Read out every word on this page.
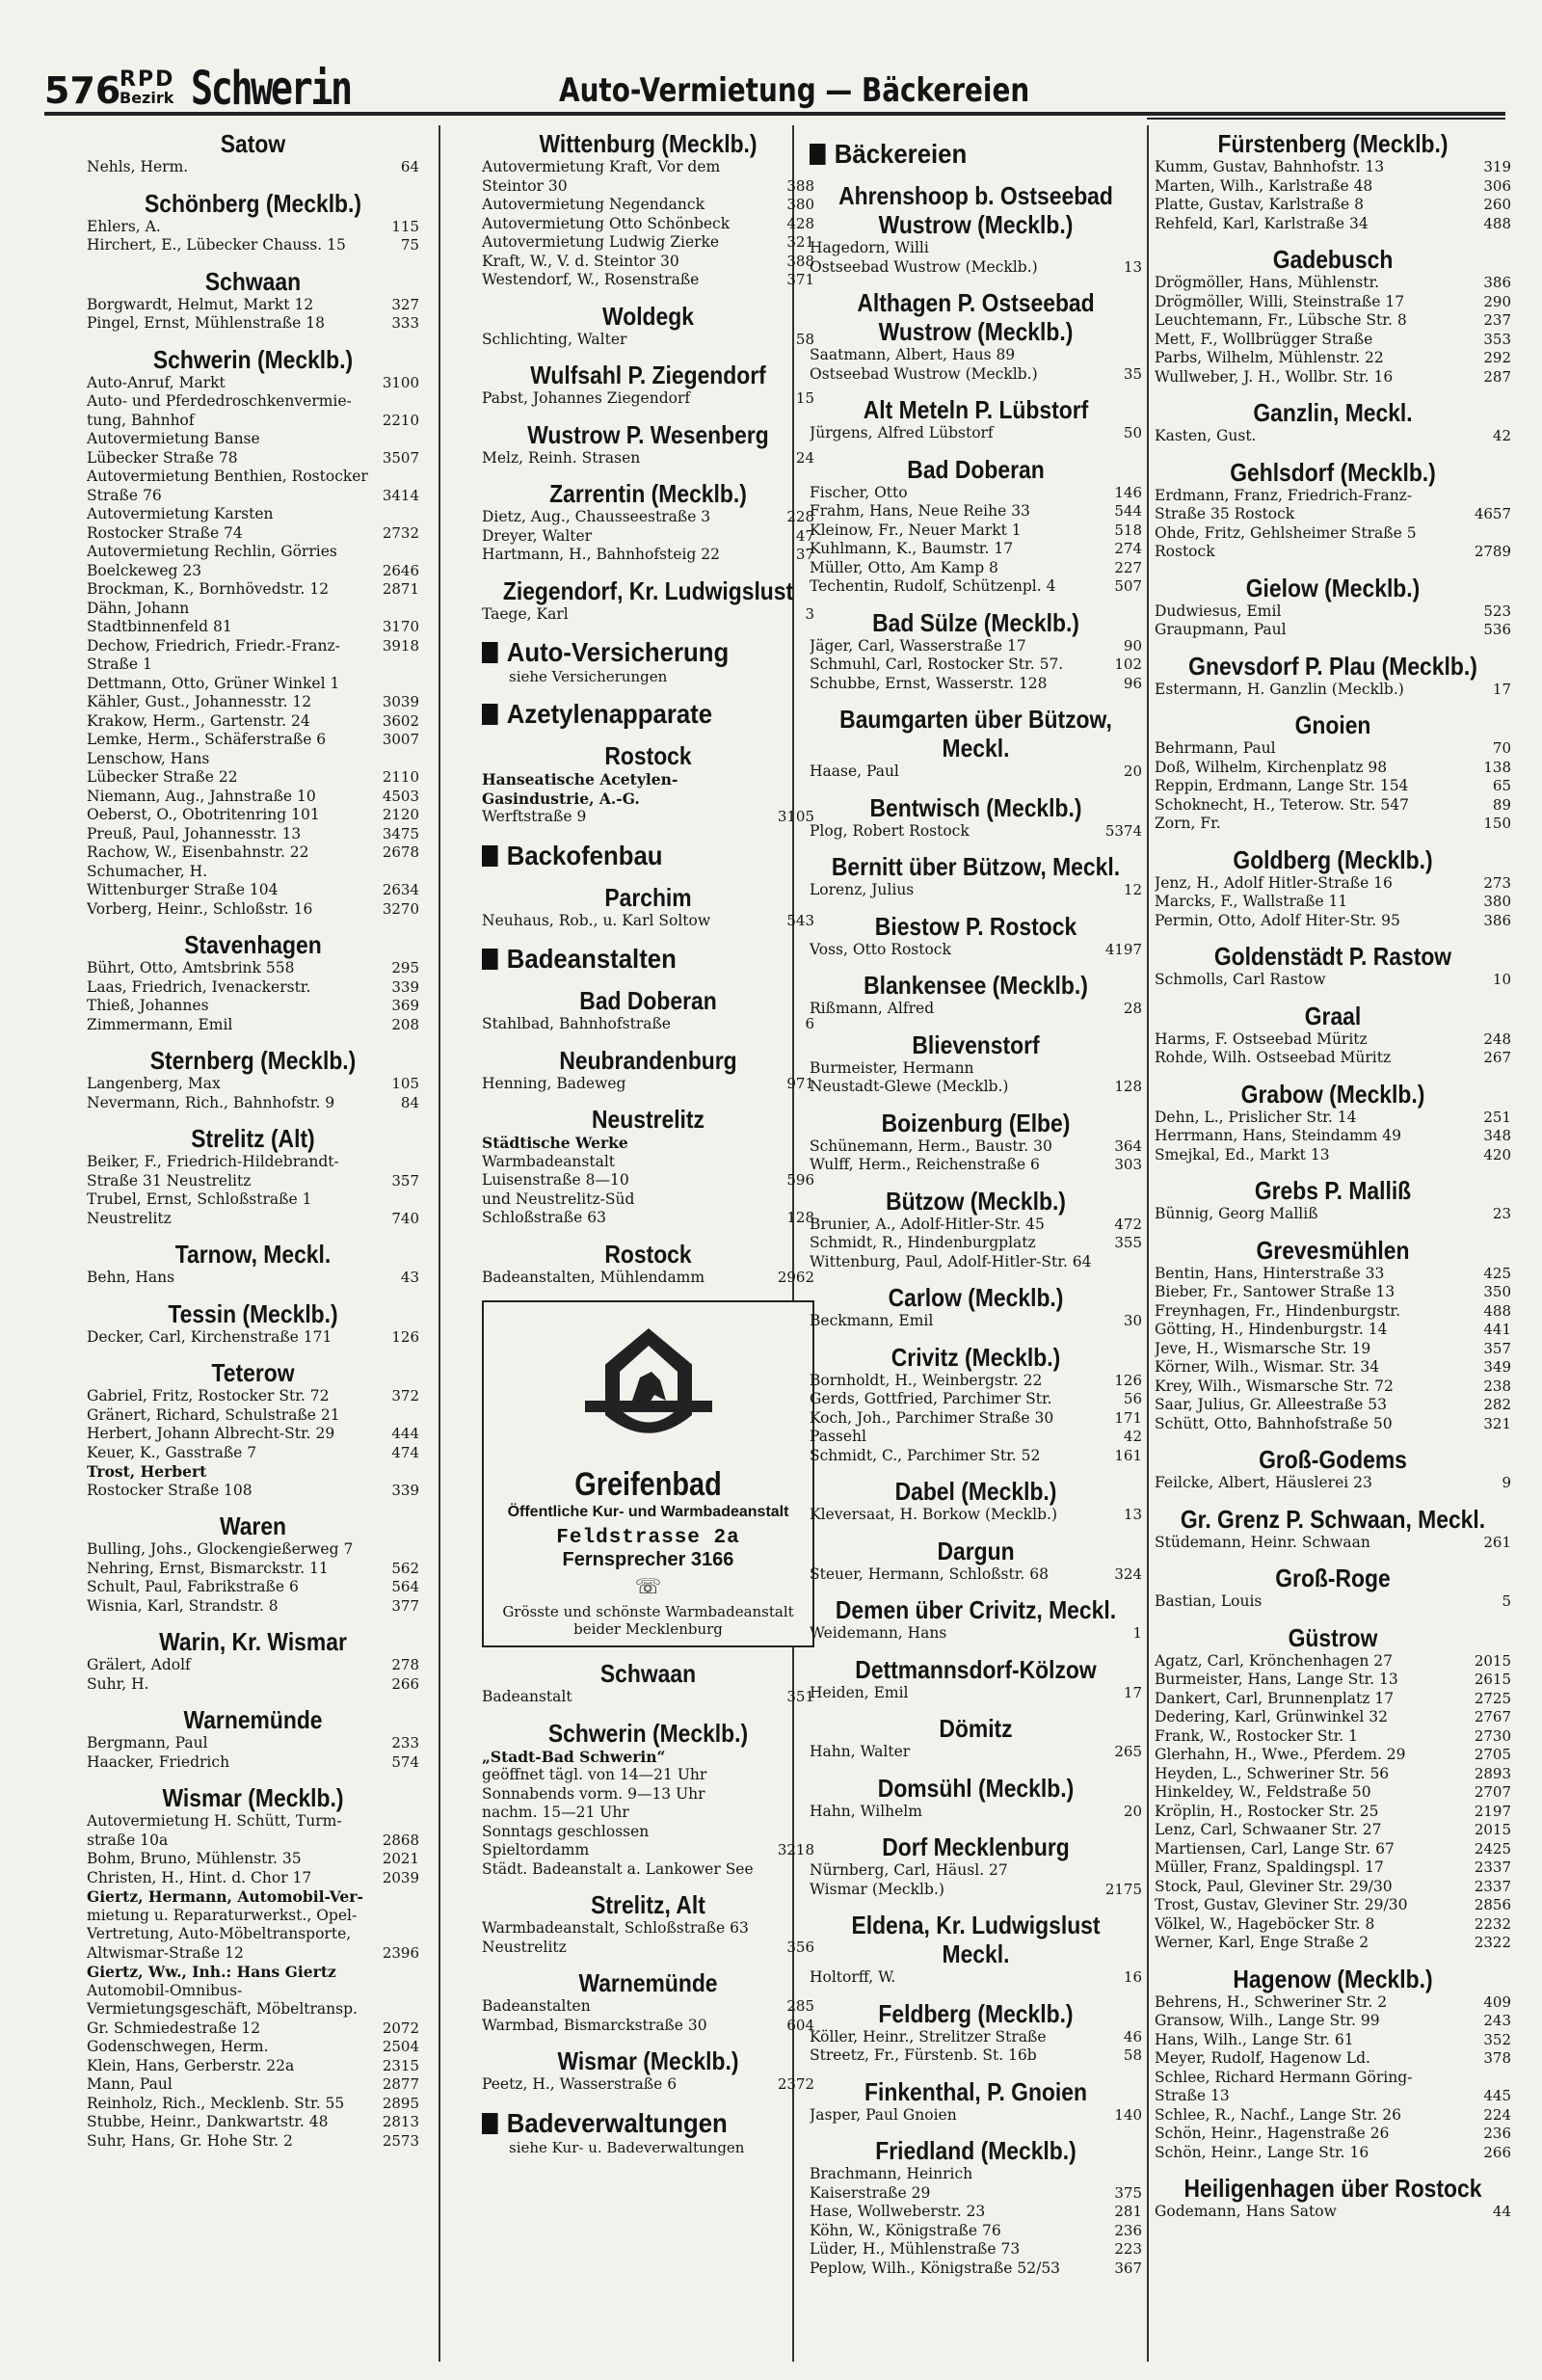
576
RPD
Bezirk Schwerin	Auto-Vermietung — Bäckereien
Satow
Nehls, Herm.	64
Schönberg (Mecklb.)
Ehlers, A.	115
Hirchert, E., Lübecker Chauss. 15	75
Schwaan
Borgwardt, Helmut, Markt 12	327
Pingel, Ernst, Mühlenstraße 18	333
Schwerin (Mecklb.)
Auto-Anruf, Markt	3100
Auto- und Pferdedroschkenvermie-
tung, Bahnhof	2210
Autovermietung Banse
Lübecker Straße 78	3507
Autovermietung Benthien, Rostocker
Straße 76	3414
Autovermietung Karsten
Rostocker Straße 74	2732
Autovermietung Rechlin, Görries
Boelckeweg 23	2646
Brockman, K., Bornhövedstr. 12	2871
Dähn, Johann
Stadtbinnenfeld 81	3170
Dechow, Friedrich, Friedr.-Franz-	3918
Straße 1
Dettmann, Otto, Grüner Winkel 1
Kähler, Gust., Johannesstr. 12	3039
Krakow, Herm., Gartenstr. 24	3602
Lemke, Herm., Schäferstraße 6	3007
Lenschow, Hans
Lübecker Straße 22	2110
Niemann, Aug., Jahnstraße 10	4503
Oeberst, O., Obotritenring 101	2120
Preuß, Paul, Johannesstr. 13	3475
Rachow, W., Eisenbahnstr. 22	2678
Schumacher, H.
Wittenburger Straße 104	2634
Vorberg, Heinr., Schloßstr. 16	3270
Stavenhagen
Bührt, Otto, Amtsbrink 558	295
Laas, Friedrich, Ivenackerstr.	339
Thieß, Johannes	369
Zimmermann, Emil	208
Sternberg (Mecklb.)
Langenberg, Max	105
Nevermann, Rich., Bahnhofstr. 9	84
Strelitz (Alt)
Beiker, F., Friedrich-Hildebrandt-
Straße 31 Neustrelitz	357
Trubel, Ernst, Schloßstraße 1
Neustrelitz	740
Tarnow, Meckl.
Behn, Hans	43
Tessin (Mecklb.)
Decker, Carl, Kirchenstraße 171	126
Teterow
Gabriel, Fritz, Rostocker Str. 72	372
Gränert, Richard, Schulstraße 21
Herbert, Johann Albrecht-Str. 29	444
Keuer, K., Gasstraße 7	474
Trost, Herbert
Rostocker Straße 108	339
Waren
Bulling, Johs., Glockengießerweg 7
Nehring, Ernst, Bismarckstr. 11	562
Schult, Paul, Fabrikstraße 6	564
Wisnia, Karl, Strandstr. 8	377
Warin, Kr. Wismar
Grälert, Adolf	278
Suhr, H.	266
Warnemünde
Bergmann, Paul	233
Haacker, Friedrich	574
Wismar (Mecklb.)
Autovermietung H. Schütt, Turm-
straße 10a	2868
Bohm, Bruno, Mühlenstr. 35	2021
Christen, H., Hint. d. Chor 17	2039
Giertz, Hermann, Automobil-Ver-
mietung u. Reparaturwerkst., Opel-
Vertretung, Auto-Möbeltransporte,
Altwismar-Straße 12	2396
Giertz, Ww., Inh.: Hans Giertz
Automobil-Omnibus-
Vermietungsgeschäft, Möbeltransp.
Gr. Schmiedestraße 12	2072
Godenschwegen, Herm.	2504
Klein, Hans, Gerberstr. 22a	2315
Mann, Paul	2877
Reinholz, Rich., Mecklenb. Str. 55	2895
Stubbe, Heinr., Dankwartstr. 48	2813
Suhr, Hans, Gr. Hohe Str. 2	2573
Wittenburg (Mecklb.)
Autovermietung Kraft, Vor dem
Steintor 30	388
Autovermietung Negendanck	380
Autovermietung Otto Schönbeck	428
Autovermietung Ludwig Zierke	321
Kraft, W., V. d. Steintor 30	388
Westendorf, W., Rosenstraße	371
Woldegk
Schlichting, Walter	58
Wulfsahl P. Ziegendorf
Pabst, Johannes Ziegendorf	15
Wustrow P. Wesenberg
Melz, Reinh. Strasen	24
Zarrentin (Mecklb.)
Dietz, Aug., Chausseestraße 3	228
Dreyer, Walter	47
Hartmann, H., Bahnhofsteig 22	37
Ziegendorf, Kr. Ludwigslust
Taege, Karl	3
Auto-Versicherung
siehe Versicherungen
Azetylenapparate
Rostock
Hanseatische Acetylen-
Gasindustrie, A.-G.
Werftstraße 9	3105
Backofenbau
Parchim
Neuhaus, Rob., u. Karl Soltow	543
Badeanstalten
Bad Doberan
Stahlbad, Bahnhofstraße	6
Neubrandenburg
Henning, Badeweg	971
Neustrelitz
Städtische Werke
Warmbadeanstalt
Luisenstraße 8—10	596
und Neustrelitz-Süd
Schloßstraße 63	128
Rostock
Badeanstalten, Mühlendamm	2962
Greifenbad
Öffentliche Kur- und Warmbadeanstalt
Feldstrasse 2a
Fernsprecher 3166
☏
Grösste und schönste Warmbadeanstalt beider Mecklenburg
Schwaan
Badeanstalt	351
Schwerin (Mecklb.)
„Stadt-Bad Schwerin“
geöffnet tägl. von 14—21 Uhr
Sonnabends vorm. 9—13 Uhr
nachm. 15—21 Uhr
Sonntags geschlossen
Spieltordamm	3218
Städt. Badeanstalt a. Lankower See
Strelitz, Alt
Warmbadeanstalt, Schloßstraße 63
Neustrelitz	356
Warnemünde
Badeanstalten	285
Warmbad, Bismarckstraße 30	604
Wismar (Mecklb.)
Peetz, H., Wasserstraße 6	2372
Badeverwaltungen
siehe Kur- u. Badeverwaltungen
Bäckereien
Ahrenshoop b. Ostseebad Wustrow (Mecklb.)
Hagedorn, Willi
Ostseebad Wustrow (Mecklb.)	13
Althagen P. Ostseebad Wustrow (Mecklb.)
Saatmann, Albert, Haus 89
Ostseebad Wustrow (Mecklb.)	35
Alt Meteln P. Lübstorf
Jürgens, Alfred Lübstorf	50
Bad Doberan
Fischer, Otto	146
Frahm, Hans, Neue Reihe 33	544
Kleinow, Fr., Neuer Markt 1	518
Kuhlmann, K., Baumstr. 17	274
Müller, Otto, Am Kamp 8	227
Techentin, Rudolf, Schützenpl. 4	507
Bad Sülze (Mecklb.)
Jäger, Carl, Wasserstraße 17	90
Schmuhl, Carl, Rostocker Str. 57.	102
Schubbe, Ernst, Wasserstr. 128	96
Baumgarten über Bützow, Meckl.
Haase, Paul	20
Bentwisch (Mecklb.)
Plog, Robert Rostock	5374
Bernitt über Bützow, Meckl.
Lorenz, Julius	12
Biestow P. Rostock
Voss, Otto Rostock	4197
Blankensee (Mecklb.)
Rißmann, Alfred	28
Blievenstorf
Burmeister, Hermann
Neustadt-Glewe (Mecklb.)	128
Boizenburg (Elbe)
Schünemann, Herm., Baustr. 30	364
Wulff, Herm., Reichenstraße 6	303
Bützow (Mecklb.)
Brunier, A., Adolf-Hitler-Str. 45	472
Schmidt, R., Hindenburgplatz	355
Wittenburg, Paul, Adolf-Hitler-Str. 64
Carlow (Mecklb.)
Beckmann, Emil	30
Crivitz (Mecklb.)
Bornholdt, H., Weinbergstr. 22	126
Gerds, Gottfried, Parchimer Str.	56
Koch, Joh., Parchimer Straße 30	171
Passehl	42
Schmidt, C., Parchimer Str. 52	161
Dabel (Mecklb.)
Kleversaat, H. Borkow (Mecklb.)	13
Dargun
Steuer, Hermann, Schloßstr. 68	324
Demen über Crivitz, Meckl.
Weidemann, Hans	1
Dettmannsdorf-Kölzow
Heiden, Emil	17
Dömitz
Hahn, Walter	265
Domsühl (Mecklb.)
Hahn, Wilhelm	20
Dorf Mecklenburg
Nürnberg, Carl, Häusl. 27
Wismar (Mecklb.)	2175
Eldena, Kr. Ludwigslust Meckl.
Holtorff, W.	16
Feldberg (Mecklb.)
Köller, Heinr., Strelitzer Straße	46
Streetz, Fr., Fürstenb. St. 16b	58
Finkenthal, P. Gnoien
Jasper, Paul Gnoien	140
Friedland (Mecklb.)
Brachmann, Heinrich
Kaiserstraße 29	375
Hase, Wollweberstr. 23	281
Köhn, W., Königstraße 76	236
Lüder, H., Mühlenstraße 73	223
Peplow, Wilh., Königstraße 52/53	367
Fürstenberg (Mecklb.)
Kumm, Gustav, Bahnhofstr. 13	319
Marten, Wilh., Karlstraße 48	306
Platte, Gustav, Karlstraße 8	260
Rehfeld, Karl, Karlstraße 34	488
Gadebusch
Drögmöller, Hans, Mühlenstr.	386
Drögmöller, Willi, Steinstraße 17	290
Leuchtemann, Fr., Lübsche Str. 8	237
Mett, F., Wollbrügger Straße	353
Parbs, Wilhelm, Mühlenstr. 22	292
Wullweber, J. H., Wollbr. Str. 16	287
Ganzlin, Meckl.
Kasten, Gust.	42
Gehlsdorf (Mecklb.)
Erdmann, Franz, Friedrich-Franz-
Straße 35 Rostock	4657
Ohde, Fritz, Gehlsheimer Straße 5
Rostock	2789
Gielow (Mecklb.)
Dudwiesus, Emil	523
Graupmann, Paul	536
Gnevsdorf P. Plau (Mecklb.)
Estermann, H. Ganzlin (Mecklb.)	17
Gnoien
Behrmann, Paul	70
Doß, Wilhelm, Kirchenplatz 98	138
Reppin, Erdmann, Lange Str. 154	65
Schoknecht, H., Teterow. Str. 547	89
Zorn, Fr.	150
Goldberg (Mecklb.)
Jenz, H., Adolf Hitler-Straße 16	273
Marcks, F., Wallstraße 11	380
Permin, Otto, Adolf Hiter-Str. 95	386
Goldenstädt P. Rastow
Schmolls, Carl Rastow	10
Graal
Harms, F. Ostseebad Müritz	248
Rohde, Wilh. Ostseebad Müritz	267
Grabow (Mecklb.)
Dehn, L., Prislicher Str. 14	251
Herrmann, Hans, Steindamm 49	348
Smejkal, Ed., Markt 13	420
Grebs P. Malliß
Bünnig, Georg Malliß	23
Grevesmühlen
Bentin, Hans, Hinterstraße 33	425
Bieber, Fr., Santower Straße 13	350
Freynhagen, Fr., Hindenburgstr.	488
Götting, H., Hindenburgstr. 14	441
Jeve, H., Wismarsche Str. 19	357
Körner, Wilh., Wismar. Str. 34	349
Krey, Wilh., Wismarsche Str. 72	238
Saar, Julius, Gr. Alleestraße 53	282
Schütt, Otto, Bahnhofstraße 50	321
Groß-Godems
Feilcke, Albert, Häuslerei 23	9
Gr. Grenz P. Schwaan, Meckl.
Stüdemann, Heinr. Schwaan	261
Groß-Roge
Bastian, Louis	5
Güstrow
Agatz, Carl, Krönchenhagen 27	2015
Burmeister, Hans, Lange Str. 13	2615
Dankert, Carl, Brunnenplatz 17	2725
Dedering, Karl, Grünwinkel 32	2767
Frank, W., Rostocker Str. 1	2730
Glerhahn, H., Wwe., Pferdem. 29	2705
Heyden, L., Schweriner Str. 56	2893
Hinkeldey, W., Feldstraße 50	2707
Kröplin, H., Rostocker Str. 25	2197
Lenz, Carl, Schwaaner Str. 27	2015
Martiensen, Carl, Lange Str. 67	2425
Müller, Franz, Spaldingspl. 17	2337
Stock, Paul, Gleviner Str. 29/30	2337
Trost, Gustav, Gleviner Str. 29/30	2856
Völkel, W., Hageböcker Str. 8	2232
Werner, Karl, Enge Straße 2	2322
Hagenow (Mecklb.)
Behrens, H., Schweriner Str. 2	409
Gransow, Wilh., Lange Str. 99	243
Hans, Wilh., Lange Str. 61	352
Meyer, Rudolf, Hagenow Ld.	378
Schlee, Richard Hermann Göring-
Straße 13	445
Schlee, R., Nachf., Lange Str. 26	224
Schön, Heinr., Hagenstraße 26	236
Schön, Heinr., Lange Str. 16	266
Heiligenhagen über Rostock
Godemann, Hans Satow	44
